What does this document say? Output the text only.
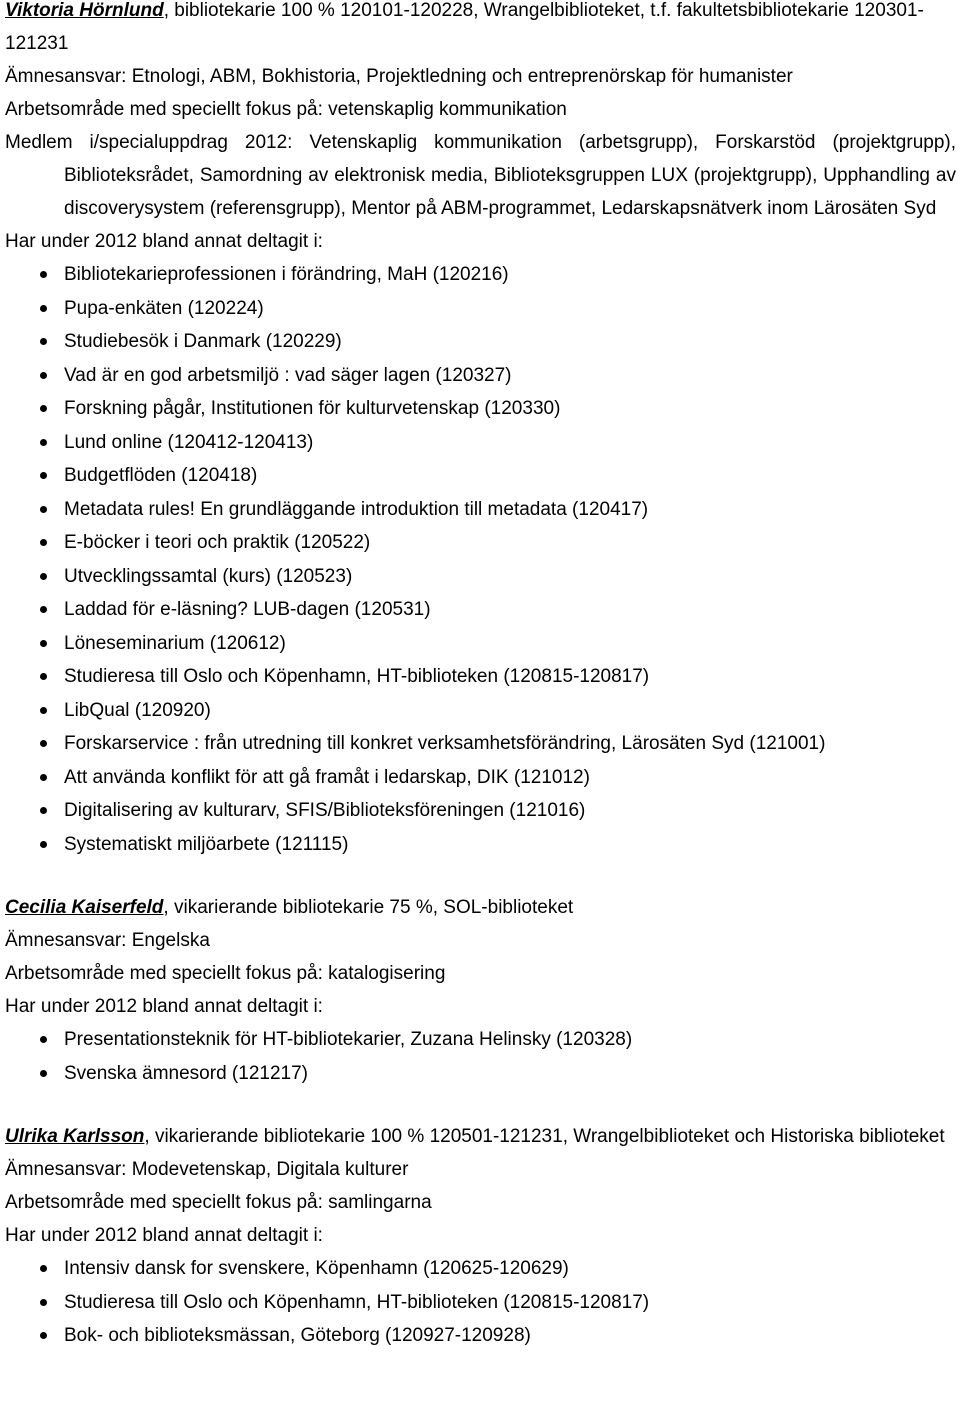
Viktoria Hörnlund, bibliotekarie 100 % 120101-120228, Wrangelbiblioteket, t.f. fakultetsbibliotekarie 120301-121231
Ämnesansvar: Etnologi, ABM, Bokhistoria, Projektledning och entreprenörskap för humanister
Arbetsområde med speciellt fokus på: vetenskaplig kommunikation
Medlem i/specialuppdrag 2012: Vetenskaplig kommunikation (arbetsgrupp), Forskarstöd (projektgrupp), Biblioteksrådet, Samordning av elektronisk media, Biblioteksgruppen LUX (projektgrupp), Upphandling av discoverysystem (referensgrupp), Mentor på ABM-programmet, Ledarskapsnätverk inom Lärosäten Syd
Har under 2012 bland annat deltagit i:
Bibliotekarieprofessionen i förändring, MaH (120216)
Pupa-enkäten (120224)
Studiebesök i Danmark (120229)
Vad är en god arbetsmiljö : vad säger lagen (120327)
Forskning pågår, Institutionen för kulturvetenskap (120330)
Lund online (120412-120413)
Budgetflöden (120418)
Metadata rules! En grundläggande introduktion till metadata (120417)
E-böcker i teori och praktik (120522)
Utvecklingssamtal (kurs) (120523)
Laddad för e-läsning? LUB-dagen (120531)
Löneseminarium (120612)
Studieresa till Oslo och Köpenhamn, HT-biblioteken (120815-120817)
LibQual (120920)
Forskarservice : från utredning till konkret verksamhetsförändring, Lärosäten Syd (121001)
Att använda konflikt för att gå framåt i ledarskap, DIK (121012)
Digitalisering av kulturarv, SFIS/Biblioteksföreningen (121016)
Systematiskt miljöarbete (121115)
Cecilia Kaiserfeld, vikarierande bibliotekarie 75 %, SOL-biblioteket
Ämnesansvar: Engelska
Arbetsområde med speciellt fokus på: katalogisering
Har under 2012 bland annat deltagit i:
Presentationsteknik för HT-bibliotekarier, Zuzana Helinsky (120328)
Svenska ämnesord (121217)
Ulrika Karlsson, vikarierande bibliotekarie 100 % 120501-121231, Wrangelbiblioteket och Historiska biblioteket
Ämnesansvar: Modevetenskap, Digitala kulturer
Arbetsområde med speciellt fokus på: samlingarna
Har under 2012 bland annat deltagit i:
Intensiv dansk for svenskere, Köpenhamn (120625-120629)
Studieresa till Oslo och Köpenhamn, HT-biblioteken (120815-120817)
Bok- och biblioteksmässan, Göteborg (120927-120928)
